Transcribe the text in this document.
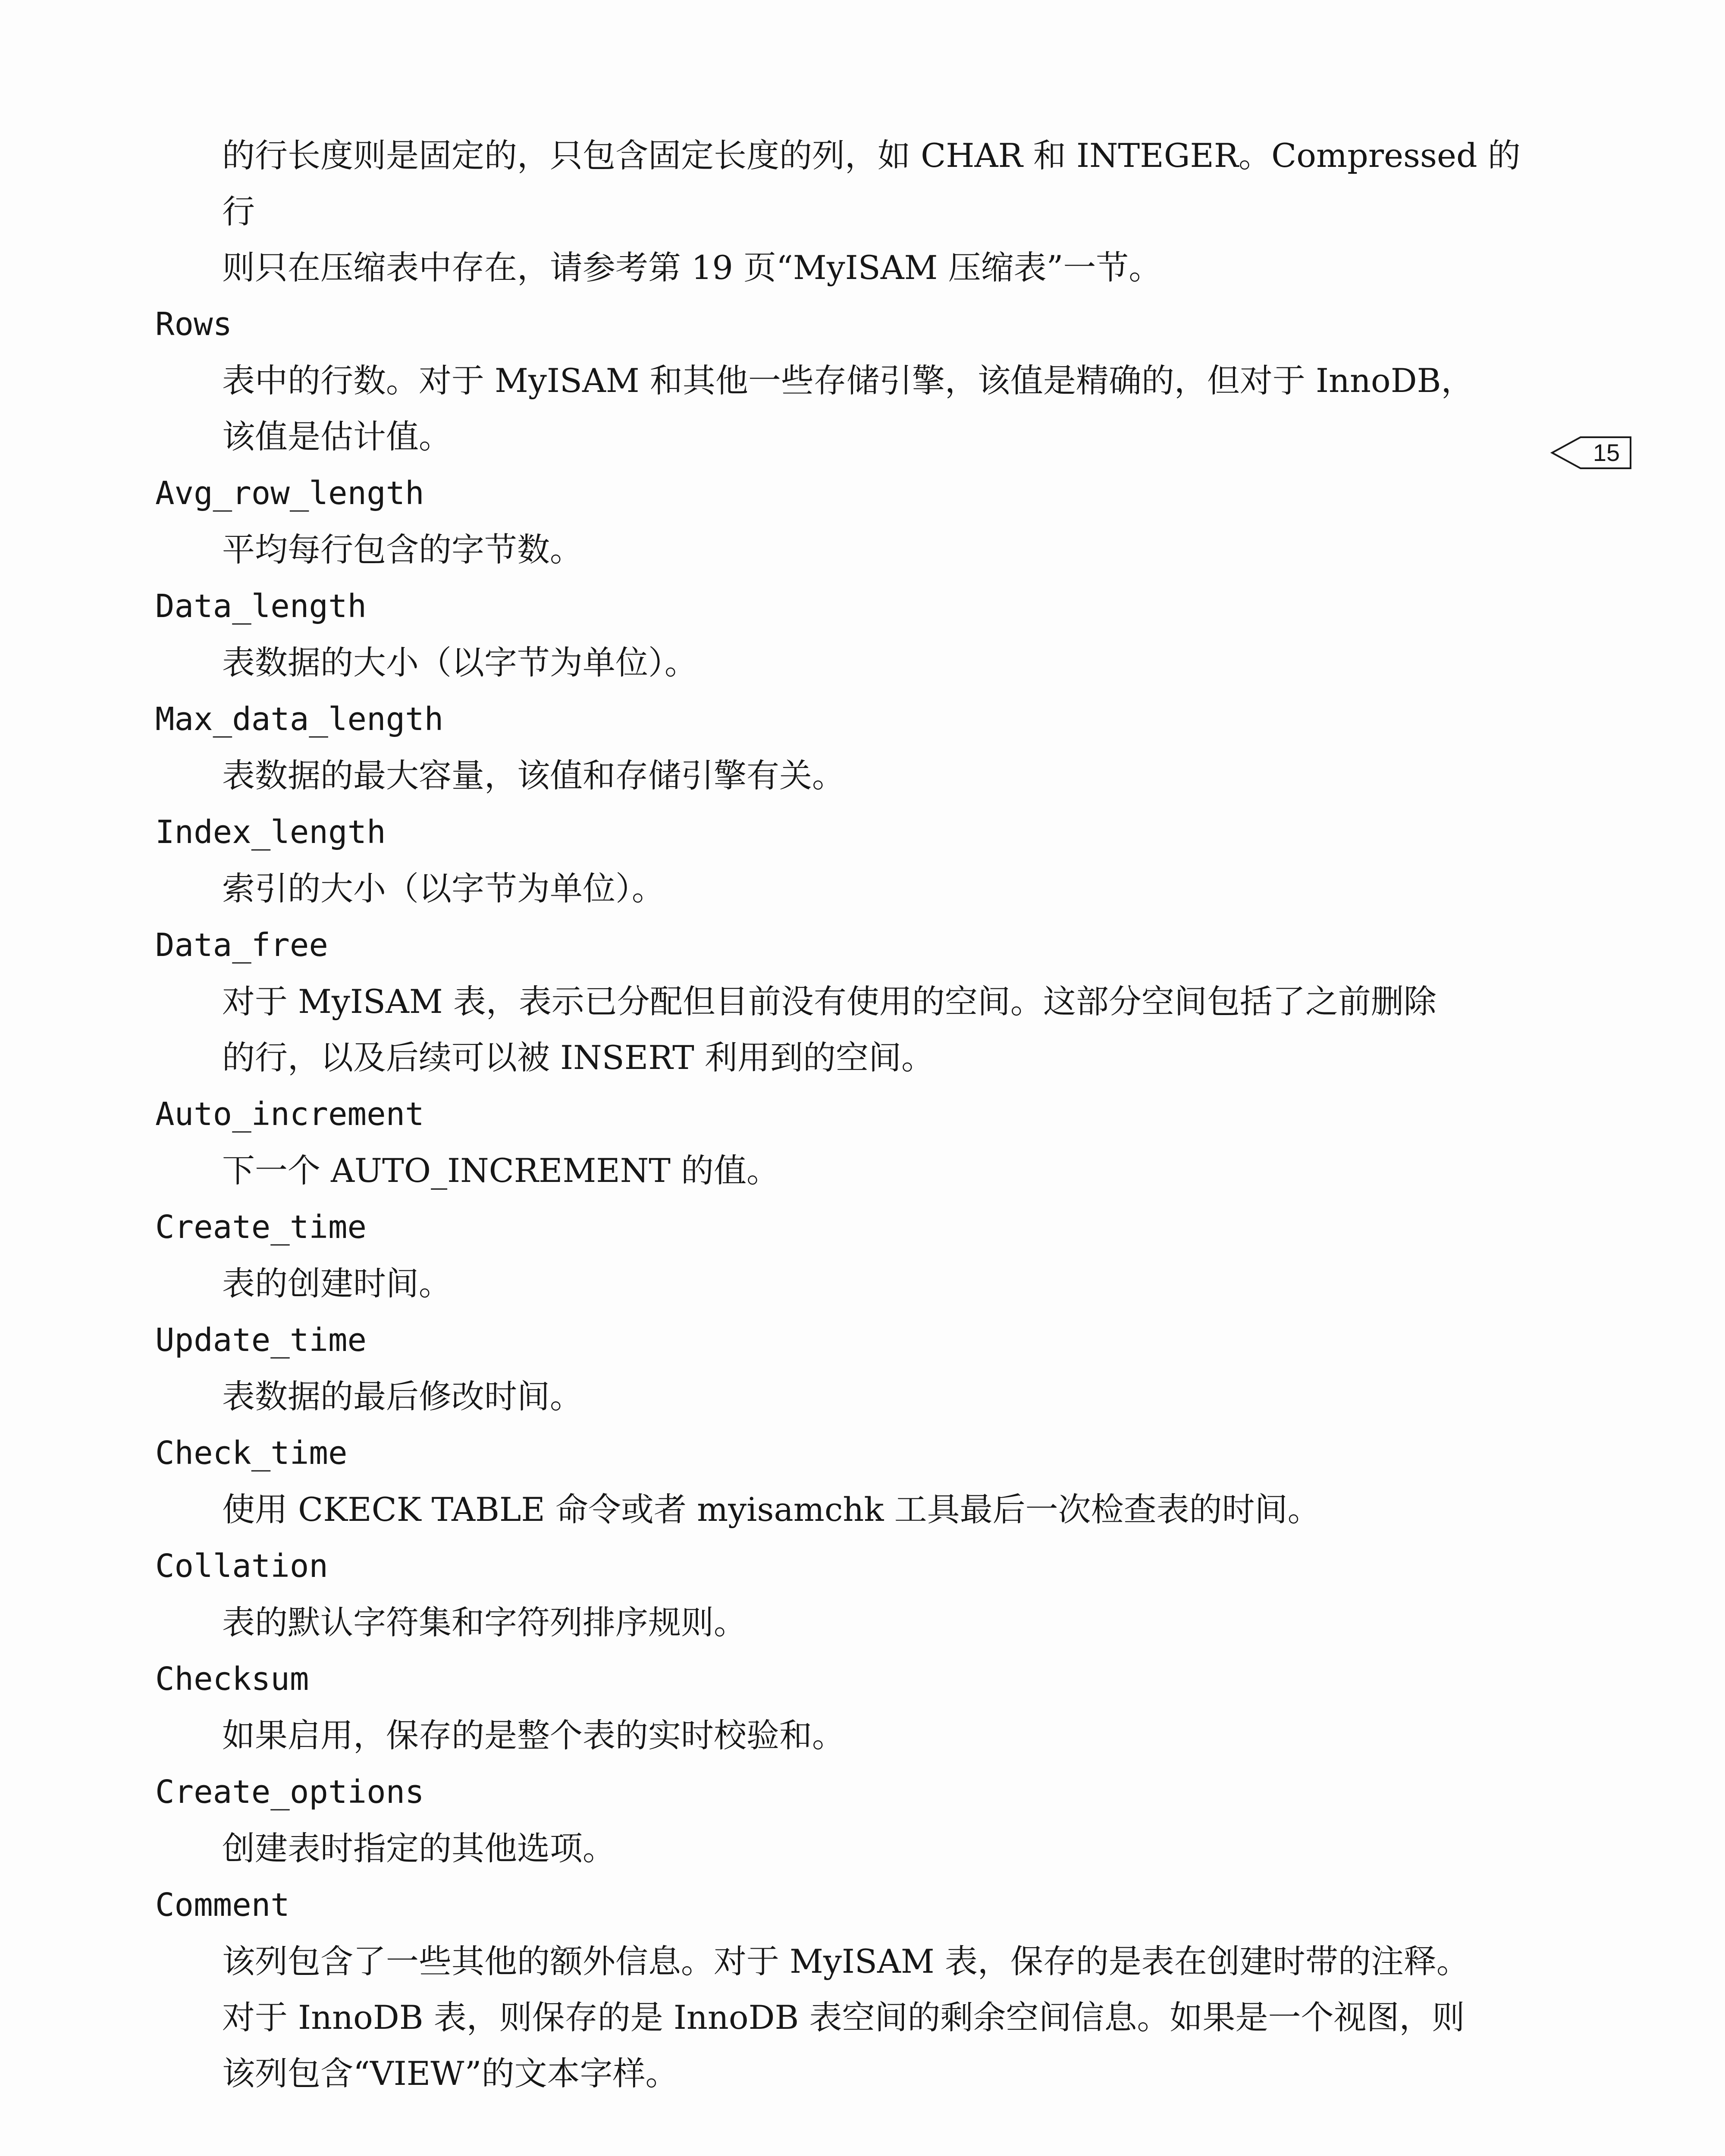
的行长度则是固定的，只包含固定长度的列，如 CHAR 和 INTEGER。Compressed 的行

则只在压缩表中存在，请参考第 19 页“MyISAM 压缩表”一节。

Rows

表中的行数。对于 MyISAM 和其他一些存储引擎，该值是精确的，但对于 InnoDB，

该值是估计值。

Avg_row_length

平均每行包含的字节数。

Data_length

表数据的大小（以字节为单位）。

Max_data_length

表数据的最大容量，该值和存储引擎有关。

Index_length

索引的大小（以字节为单位）。

Data_free

对于 MyISAM 表，表示已分配但目前没有使用的空间。这部分空间包括了之前删除

的行，以及后续可以被 INSERT 利用到的空间。

Auto_increment

下一个 AUTO_INCREMENT 的值。

Create_time

表的创建时间。

Update_time

表数据的最后修改时间。

Check_time

使用 CKECK TABLE 命令或者 myisamchk 工具最后一次检查表的时间。

Collation

表的默认字符集和字符列排序规则。

Checksum

如果启用，保存的是整个表的实时校验和。

Create_options

创建表时指定的其他选项。

Comment

该列包含了一些其他的额外信息。对于 MyISAM 表，保存的是表在创建时带的注释。

对于 InnoDB 表，则保存的是 InnoDB 表空间的剩余空间信息。如果是一个视图，则

该列包含“VIEW”的文本字样。

15
